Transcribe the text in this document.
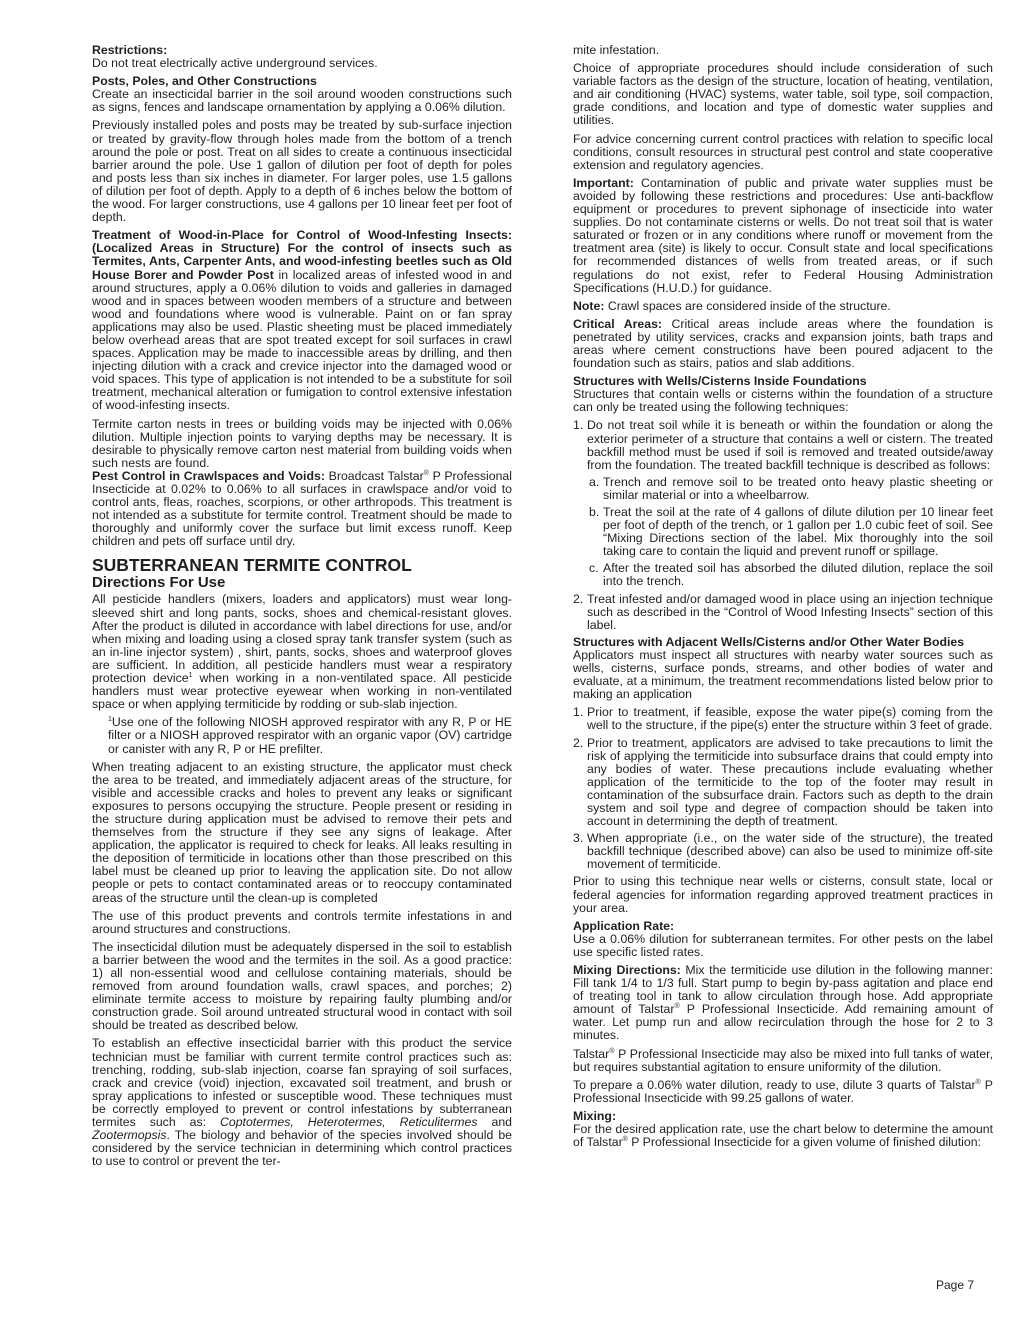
Restrictions:

Do not treat electrically active underground services.

Posts, Poles, and Other Constructions

Create an insecticidal barrier in the soil around wooden constructions such as signs, fences and landscape ornamentation by applying a 0.06% dilution.

Previously installed poles and posts may be treated by sub-surface injection or treated by gravity-flow through holes made from the bottom of a trench around the pole or post. Treat on all sides to create a continuous insecticidal barrier around the pole. Use 1 gallon of dilution per foot of depth for poles and posts less than six inches in diameter. For larger poles, use 1.5 gallons of dilution per foot of depth. Apply to a depth of 6 inches below the bottom of the wood. For larger constructions, use 4 gallons per 10 linear feet per foot of depth.

Treatment of Wood-in-Place for Control of Wood-Infesting Insects: (Localized Areas in Structure) For the control of insects such as Termites, Ants, Carpenter Ants, and wood-infesting beetles such as Old House Borer and Powder Post in localized areas of infested wood in and around structures, apply a 0.06% dilution to voids and galleries in damaged wood and in spaces between wooden members of a structure and between wood and foundations where wood is vulnerable. Paint on or fan spray applications may also be used. Plastic sheeting must be placed immediately below overhead areas that are spot treated except for soil surfaces in crawl spaces. Application may be made to inaccessible areas by drilling, and then injecting dilution with a crack and crevice injector into the damaged wood or void spaces. This type of application is not intended to be a substitute for soil treatment, mechanical alteration or fumigation to control extensive infestation of wood-infesting insects.

Termite carton nests in trees or building voids may be injected with 0.06% dilution. Multiple injection points to varying depths may be necessary. It is desirable to physically remove carton nest material from building voids when such nests are found.

Pest Control in Crawlspaces and Voids: Broadcast Talstar® P Professional Insecticide at 0.02% to 0.06% to all surfaces in crawlspace and/or void to control ants, fleas, roaches, scorpions, or other arthropods. This treatment is not intended as a substitute for termite control. Treatment should be made to thoroughly and uniformly cover the surface but limit excess runoff. Keep children and pets off surface until dry.

SUBTERRANEAN TERMITE CONTROL
Directions For Use

All pesticide handlers (mixers, loaders and applicators) must wear long-sleeved shirt and long pants, socks, shoes and chemical-resistant gloves. After the product is diluted in accordance with label directions for use, and/or when mixing and loading using a closed spray tank transfer system (such as an in-line injector system) , shirt, pants, socks, shoes and waterproof gloves are sufficient. In addition, all pesticide handlers must wear a respiratory protection device$^1$ when working in a non-ventilated space. All pesticide handlers must wear protective eyewear when working in non-ventilated space or when applying termiticide by rodding or sub-slab injection.

$^1$Use one of the following NIOSH approved respirator with any R, P or HE filter or a NIOSH approved respirator with an organic vapor (OV) cartridge or canister with any R, P or HE prefilter.

When treating adjacent to an existing structure, the applicator must check the area to be treated, and immediately adjacent areas of the structure, for visible and accessible cracks and holes to prevent any leaks or significant exposures to persons occupying the structure. People present or residing in the structure during application must be advised to remove their pets and themselves from the structure if they see any signs of leakage. After application, the applicator is required to check for leaks. All leaks resulting in the deposition of termiticide in locations other than those prescribed on this label must be cleaned up prior to leaving the application site. Do not allow people or pets to contact contaminated areas or to reoccupy contaminated areas of the structure until the clean-up is completed

The use of this product prevents and controls termite infestations in and around structures and constructions.

The insecticidal dilution must be adequately dispersed in the soil to establish a barrier between the wood and the termites in the soil. As a good practice: 1) all non-essential wood and cellulose containing materials, should be removed from around foundation walls, crawl spaces, and porches; 2) eliminate termite access to moisture by repairing faulty plumbing and/or construction grade. Soil around untreated structural wood in contact with soil should be treated as described below.

To establish an effective insecticidal barrier with this product the service technician must be familiar with current termite control practices such as: trenching, rodding, sub-slab injection, coarse fan spraying of soil surfaces, crack and crevice (void) injection, excavated soil treatment, and brush or spray applications to infested or susceptible wood. These techniques must be correctly employed to prevent or control infestations by subterranean termites such as: Coptotermes, Heterotermes, Reticulitermes and Zootermopsis. The biology and behavior of the species involved should be considered by the service technician in determining which control practices to use to control or prevent the ter-

mite infestation.

Choice of appropriate procedures should include consideration of such variable factors as the design of the structure, location of heating, ventilation, and air conditioning (HVAC) systems, water table, soil type, soil compaction, grade conditions, and location and type of domestic water supplies and utilities.

For advice concerning current control practices with relation to specific local conditions, consult resources in structural pest control and state cooperative extension and regulatory agencies.

Important: Contamination of public and private water supplies must be avoided by following these restrictions and procedures: Use anti-backflow equipment or procedures to prevent siphonage of insecticide into water supplies. Do not contaminate cisterns or wells. Do not treat soil that is water saturated or frozen or in any conditions where runoff or movement from the treatment area (site) is likely to occur. Consult state and local specifications for recommended distances of wells from treated areas, or if such regulations do not exist, refer to Federal Housing Administration Specifications (H.U.D.) for guidance.

Note: Crawl spaces are considered inside of the structure.

Critical Areas: Critical areas include areas where the foundation is penetrated by utility services, cracks and expansion joints, bath traps and areas where cement constructions have been poured adjacent to the foundation such as stairs, patios and slab additions.

Structures with Wells/Cisterns Inside Foundations

Structures that contain wells or cisterns within the foundation of a structure can only be treated using the following techniques:

1. Do not treat soil while it is beneath or within the foundation or along the exterior perimeter of a structure that contains a well or cistern. The treated backfill method must be used if soil is removed and treated outside/away from the foundation. The treated backfill technique is described as follows:
a. Trench and remove soil to be treated onto heavy plastic sheeting or similar material or into a wheelbarrow.
b. Treat the soil at the rate of 4 gallons of dilute dilution per 10 linear feet per foot of depth of the trench, or 1 gallon per 1.0 cubic feet of soil. See “Mixing Directions section of the label. Mix thoroughly into the soil taking care to contain the liquid and prevent runoff or spillage.
c. After the treated soil has absorbed the diluted dilution, replace the soil into the trench.
2. Treat infested and/or damaged wood in place using an injection technique such as described in the “Control of Wood Infesting Insects” section of this label.

Structures with Adjacent Wells/Cisterns and/or Other Water Bodies

Applicators must inspect all structures with nearby water sources such as wells, cisterns, surface ponds, streams, and other bodies of water and evaluate, at a minimum, the treatment recommendations listed below prior to making an application

1. Prior to treatment, if feasible, expose the water pipe(s) coming from the well to the structure, if the pipe(s) enter the structure within 3 feet of grade.
2. Prior to treatment, applicators are advised to take precautions to limit the risk of applying the termiticide into subsurface drains that could empty into any bodies of water. These precautions include evaluating whether application of the termiticide to the top of the footer may result in contamination of the subsurface drain. Factors such as depth to the drain system and soil type and degree of compaction should be taken into account in determining the depth of treatment.
3. When appropriate (i.e., on the water side of the structure), the treated backfill technique (described above) can also be used to minimize off-site movement of termiticide.

Prior to using this technique near wells or cisterns, consult state, local or federal agencies for information regarding approved treatment practices in your area.

Application Rate:

Use a 0.06% dilution for subterranean termites. For other pests on the label use specific listed rates.

Mixing Directions: Mix the termiticide use dilution in the following manner: Fill tank 1/4 to 1/3 full. Start pump to begin by-pass agitation and place end of treating tool in tank to allow circulation through hose. Add appropriate amount of Talstar® P Professional Insecticide. Add remaining amount of water. Let pump run and allow recirculation through the hose for 2 to 3 minutes.

Talstar® P Professional Insecticide may also be mixed into full tanks of water, but requires substantial agitation to ensure uniformity of the dilution.

To prepare a 0.06% water dilution, ready to use, dilute 3 quarts of Talstar® P Professional Insecticide with 99.25 gallons of water.

Mixing:

For the desired application rate, use the chart below to determine the amount of Talstar® P Professional Insecticide for a given volume of finished dilution:

Page 7
